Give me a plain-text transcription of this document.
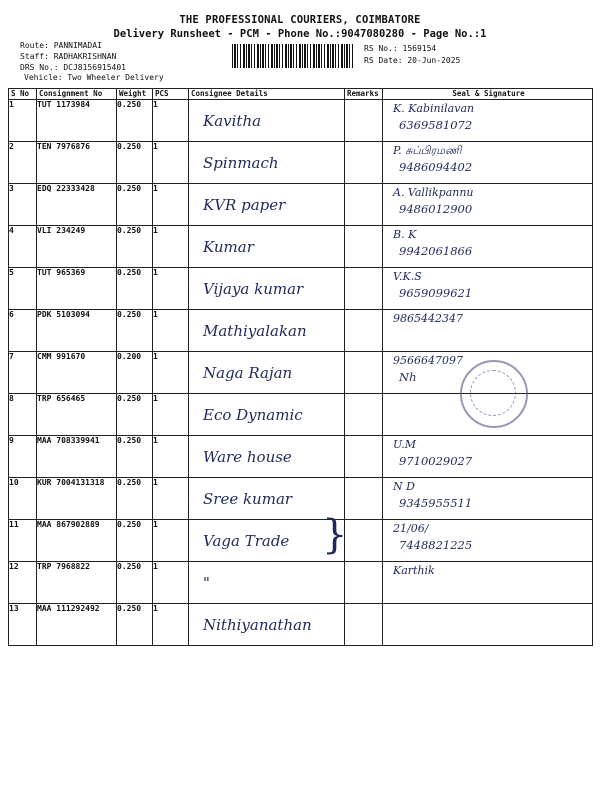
THE PROFESSIONAL COURIERS, COIMBATORE
Delivery Runsheet - PCM - Phone No.:9047080280 - Page No.:1
Route: PANNIMADAI
Staff: RADHAKRISHNAN
DRS No.: DCJ8156915401
Vehicle: Two Wheeler Delivery
RS No.: 1569154
RS Date: 20-Jun-2025
S No	Consignment No	Weight	PCS	Consignee Details	Remarks	Seal & Signature
1	TUT 1173984	0.250	1	Kavitha		K. Kabinilavan
6369581072

2	TEN 7976876	0.250	1	Spinmach		P. சுப்பிரமணி
9486094402

3	EDQ 22333428	0.250	1	KVR paper		A. Vallikpannu
9486012900

4	VLI 234249	0.250	1	Kumar		B. K
9942061866

5	TUT 965369	0.250	1	Vijaya kumar		V.K.S
9659099621

6	PDK 5103094	0.250	1	Mathiyalakan		9865442347

7	CMM 991670	0.200	1	Naga Rajan		9566647097
Nh

8	TRP 656465	0.250	1	Eco Dynamic		

9	MAA 708339941	0.250	1	Ware house		U.M
9710029027

10	KUR 7004131318	0.250	1	Sree kumar		N D
9345955511

11	MAA 867902889	0.250	1	Vaga Trade		21/06/
7448821225

12	TRP 7968822	0.250	1	"		Karthik

13	MAA 111292492	0.250	1	Nithiyanathan		

}
